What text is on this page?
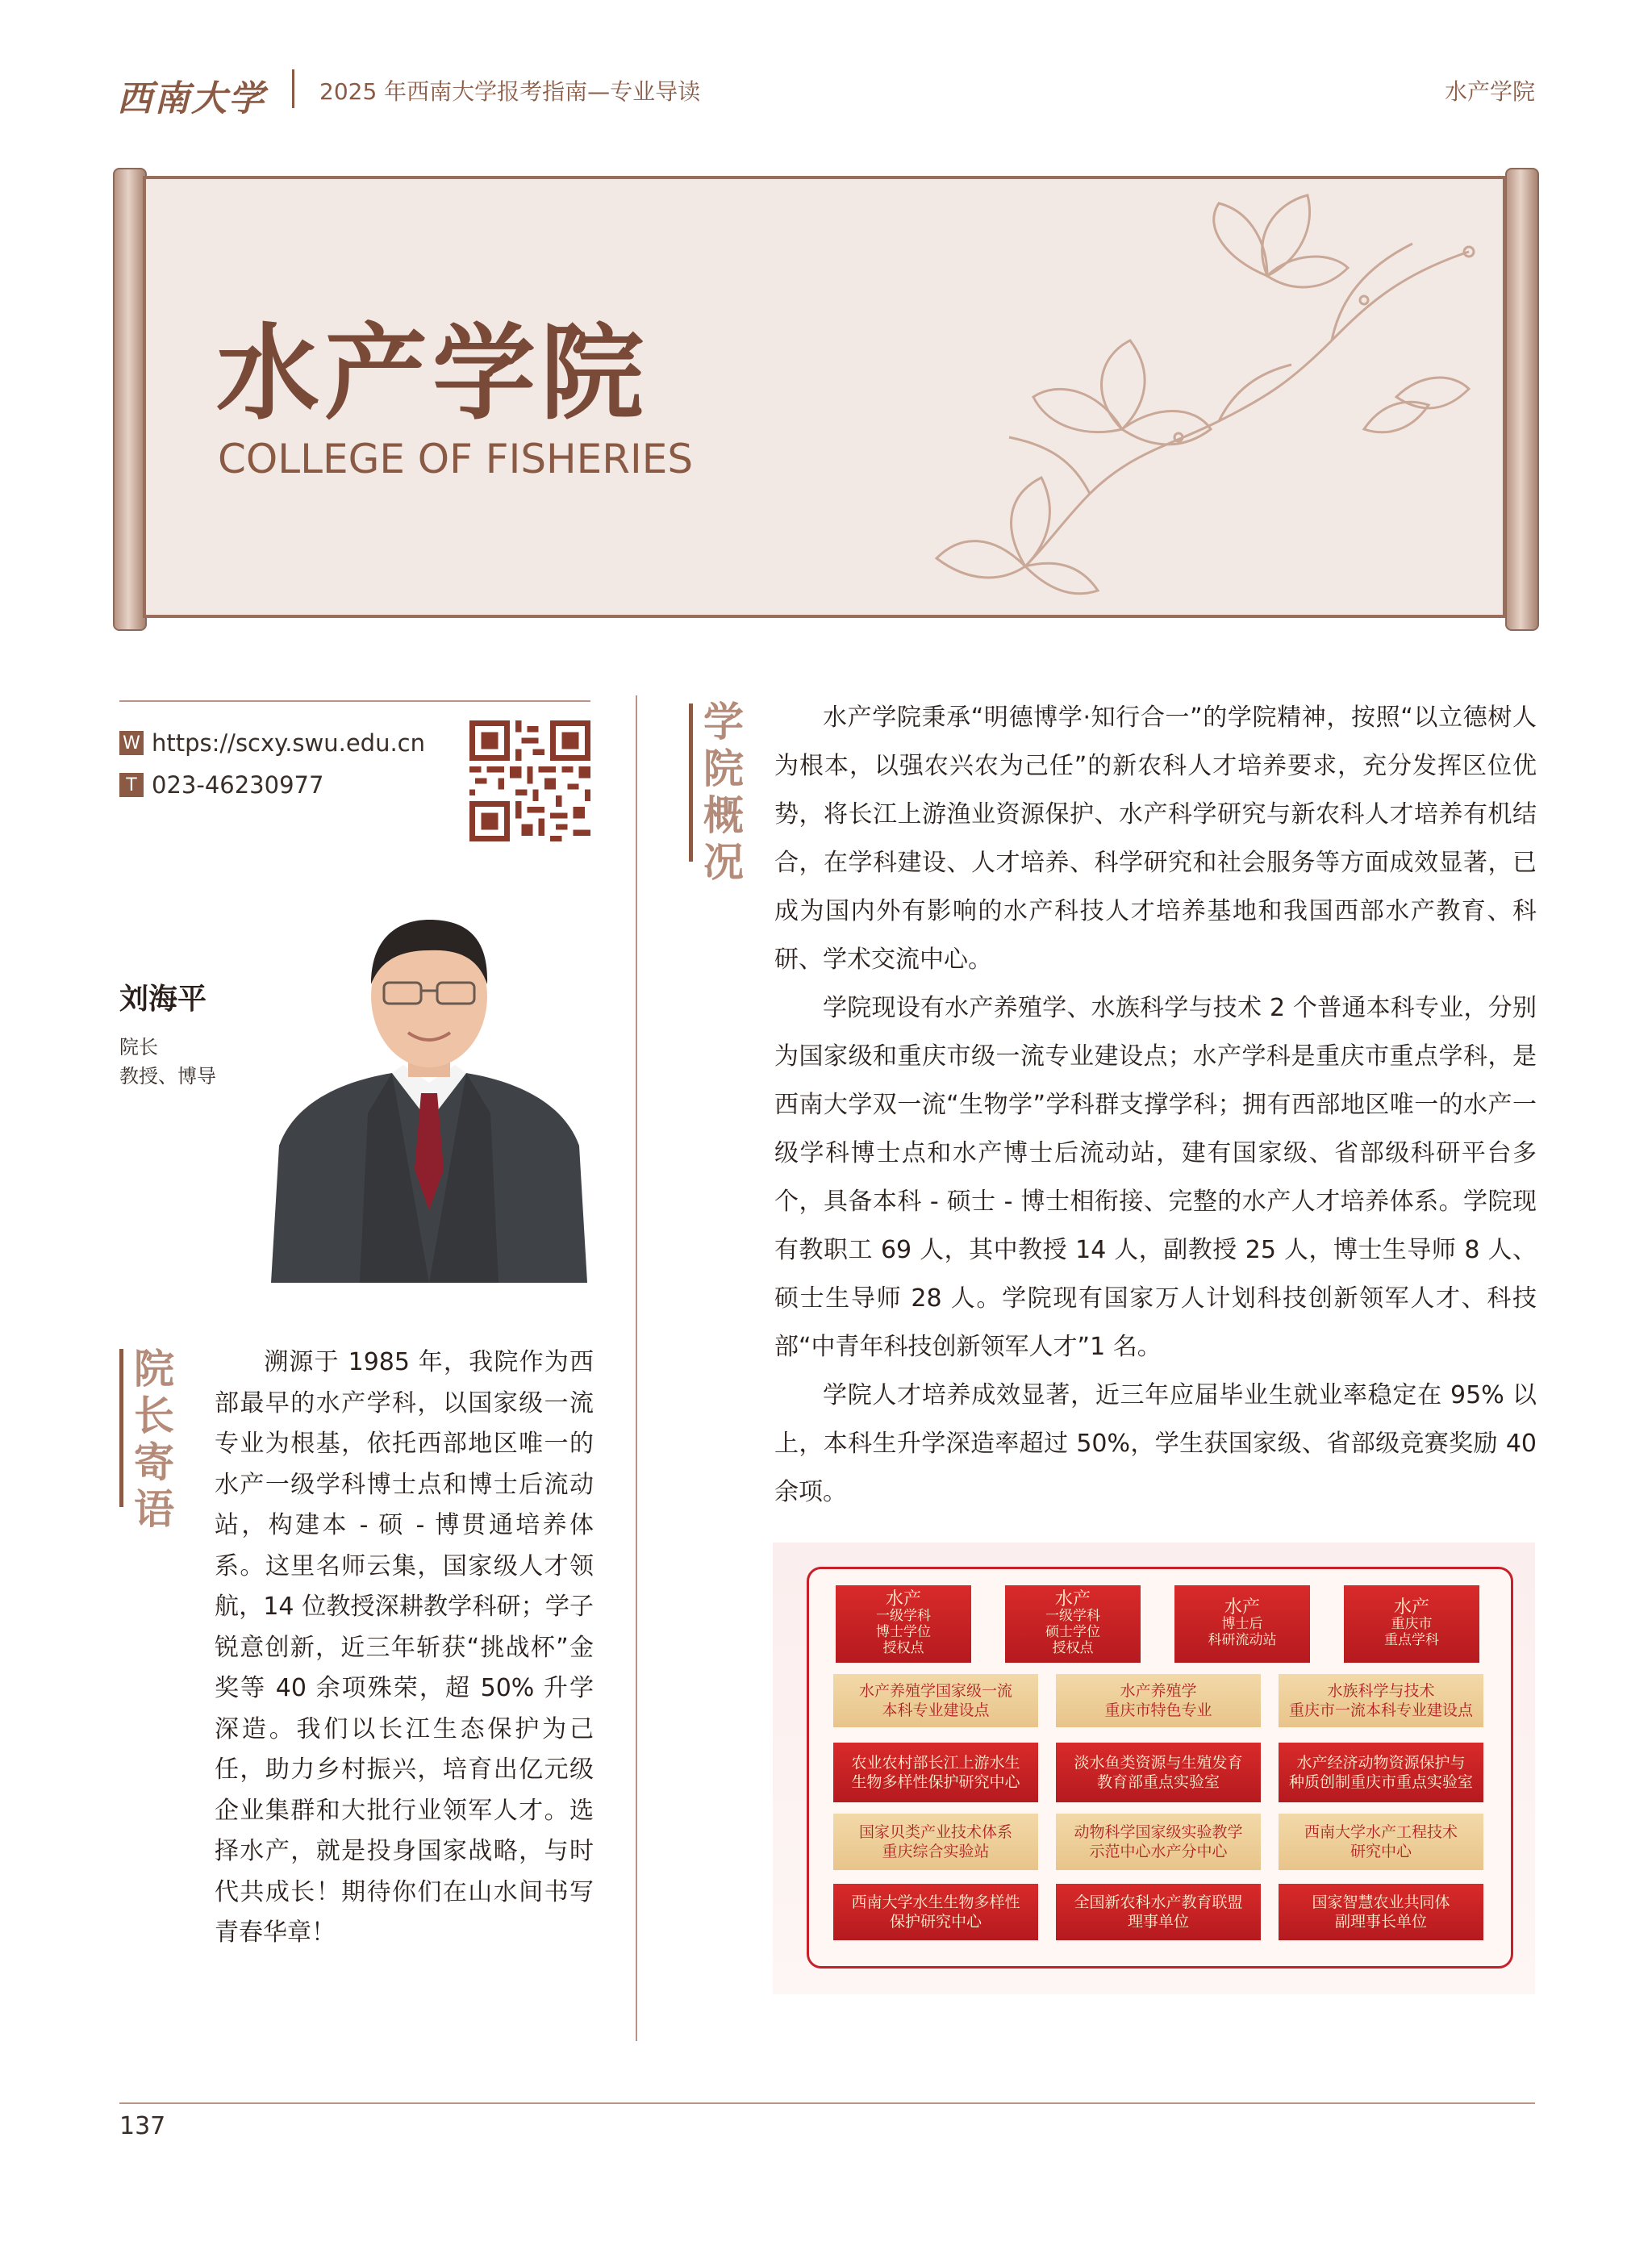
西南大学 2025 年西南大学报考指南—专业导读	水产学院
水产学院
COLLEGE OF FISHERIES
W https://scxy.swu.edu.cn
T 023-46230977
刘海平
院长
教授、博导
院
长
寄
语
溯源于 1985 年，我院作为西部最早的水产学科，以国家级一流专业为根基，依托西部地区唯一的水产一级学科博士点和博士后流动站，构建本 - 硕 - 博贯通培养体系。这里名师云集，国家级人才领航，14 位教授深耕教学科研；学子锐意创新，近三年斩获“挑战杯”金奖等 40 余项殊荣，超 50% 升学深造。我们以长江生态保护为己任，助力乡村振兴，培育出亿元级企业集群和大批行业领军人才。选择水产，就是投身国家战略，与时代共成长！期待你们在山水间书写青春华章！
学
院
概
况

水产学院秉承“明德博学·知行合一”的学院精神，按照“以立德树人为根本，以强农兴农为己任”的新农科人才培养要求，充分发挥区位优势，将长江上游渔业资源保护、水产科学研究与新农科人才培养有机结合，在学科建设、人才培养、科学研究和社会服务等方面成效显著，已成为国内外有影响的水产科技人才培养基地和我国西部水产教育、科研、学术交流中心。

学院现设有水产养殖学、水族科学与技术 2 个普通本科专业，分别为国家级和重庆市级一流专业建设点；水产学科是重庆市重点学科，是西南大学双一流“生物学”学科群支撑学科；拥有西部地区唯一的水产一级学科博士点和水产博士后流动站，建有国家级、省部级科研平台多个，具备本科 - 硕士 - 博士相衔接、完整的水产人才培养体系。学院现有教职工 69 人，其中教授 14 人，副教授 25 人，博士生导师 8 人、硕士生导师 28 人。学院现有国家万人计划科技创新领军人才、科技部“中青年科技创新领军人才”1 名。

学院人才培养成效显著，近三年应届毕业生就业率稳定在 95% 以上，本科生升学深造率超过 50%，学生获国家级、省部级竞赛奖励 40 余项。

水产
一级学科
博士学位
授权点
水产
一级学科
硕士学位
授权点
水产
博士后
科研流动站
水产
重庆市
重点学科
水产养殖学国家级一流
本科专业建设点
水产养殖学
重庆市特色专业
水族科学与技术
重庆市一流本科专业建设点
农业农村部长江上游水生
生物多样性保护研究中心
淡水鱼类资源与生殖发育
教育部重点实验室
水产经济动物资源保护与
种质创制重庆市重点实验室
国家贝类产业技术体系
重庆综合实验站
动物科学国家级实验教学
示范中心水产分中心
西南大学水产工程技术
研究中心
西南大学水生生物多样性
保护研究中心
全国新农科水产教育联盟
理事单位
国家智慧农业共同体
副理事长单位
137
